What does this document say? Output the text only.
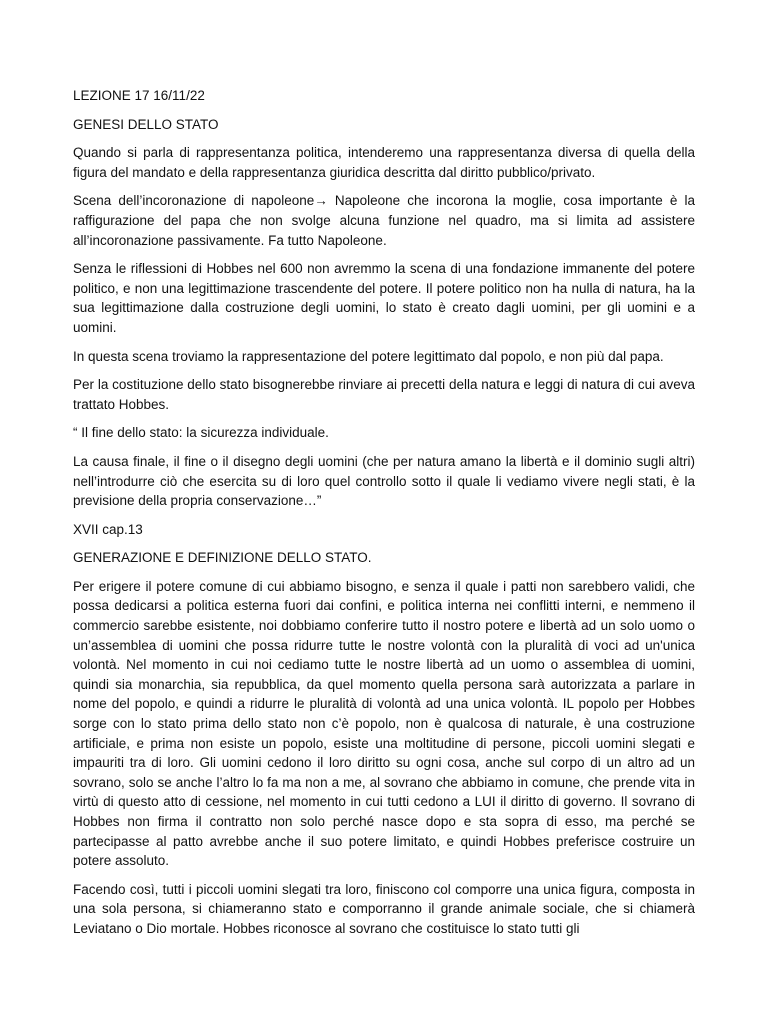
LEZIONE 17 16/11/22

GENESI DELLO STATO

Quando si parla di rappresentanza politica, intenderemo una rappresentanza diversa di quella della figura del mandato e della rappresentanza giuridica descritta dal diritto pubblico/privato.

Scena dell’incoronazione di napoleone→ Napoleone che incorona la moglie, cosa importante è la raffigurazione del papa che non svolge alcuna funzione nel quadro, ma si limita ad assistere all’incoronazione passivamente. Fa tutto Napoleone.

Senza le riflessioni di Hobbes nel 600 non avremmo la scena di una fondazione immanente del potere politico, e non una legittimazione trascendente del potere. Il potere politico non ha nulla di natura, ha la sua legittimazione dalla costruzione degli uomini, lo stato è creato dagli uomini, per gli uomini e a uomini.

In questa scena troviamo la rappresentazione del potere legittimato dal popolo, e non più dal papa.

Per la costituzione dello stato bisognerebbe rinviare ai precetti della natura e leggi di natura di cui aveva trattato Hobbes.

“ Il fine dello stato: la sicurezza individuale.

La causa finale, il fine o il disegno degli uomini (che per natura amano la libertà e il dominio sugli altri) nell’introdurre ciò che esercita su di loro quel controllo sotto il quale li vediamo vivere negli stati, è la previsione della propria conservazione…”

XVII cap.13

GENERAZIONE E DEFINIZIONE DELLO STATO.

Per erigere il potere comune di cui abbiamo bisogno, e senza il quale i patti non sarebbero validi, che possa dedicarsi a politica esterna fuori dai confini, e politica interna nei conflitti interni, e nemmeno il commercio sarebbe esistente, noi dobbiamo conferire tutto il nostro potere e libertà ad un solo uomo o un’assemblea di uomini che possa ridurre tutte le nostre volontà con la pluralità di voci ad un'unica volontà. Nel momento in cui noi cediamo tutte le nostre libertà ad un uomo o assemblea di uomini, quindi sia monarchia, sia repubblica, da quel momento quella persona sarà autorizzata a parlare in nome del popolo, e quindi a ridurre le pluralità di volontà ad una unica volontà. IL popolo per Hobbes sorge con lo stato prima dello stato non c’è popolo, non è qualcosa di naturale, è una costruzione artificiale, e prima non esiste un popolo, esiste una moltitudine di persone, piccoli uomini slegati e impauriti tra di loro. Gli uomini cedono il loro diritto su ogni cosa, anche sul corpo di un altro ad un sovrano, solo se anche l’altro lo fa ma non a me, al sovrano che abbiamo in comune, che prende vita in virtù di questo atto di cessione, nel momento in cui tutti cedono a LUI il diritto di governo. Il sovrano di Hobbes non firma il contratto non solo perché nasce dopo e sta sopra di esso, ma perché se partecipasse al patto avrebbe anche il suo potere limitato, e quindi Hobbes preferisce costruire un potere assoluto.

Facendo così, tutti i piccoli uomini slegati tra loro, finiscono col comporre una unica figura, composta in una sola persona, si chiameranno stato e comporranno il grande animale sociale, che si chiamerà Leviatano o Dio mortale. Hobbes riconosce al sovrano che costituisce lo stato tutti gli
